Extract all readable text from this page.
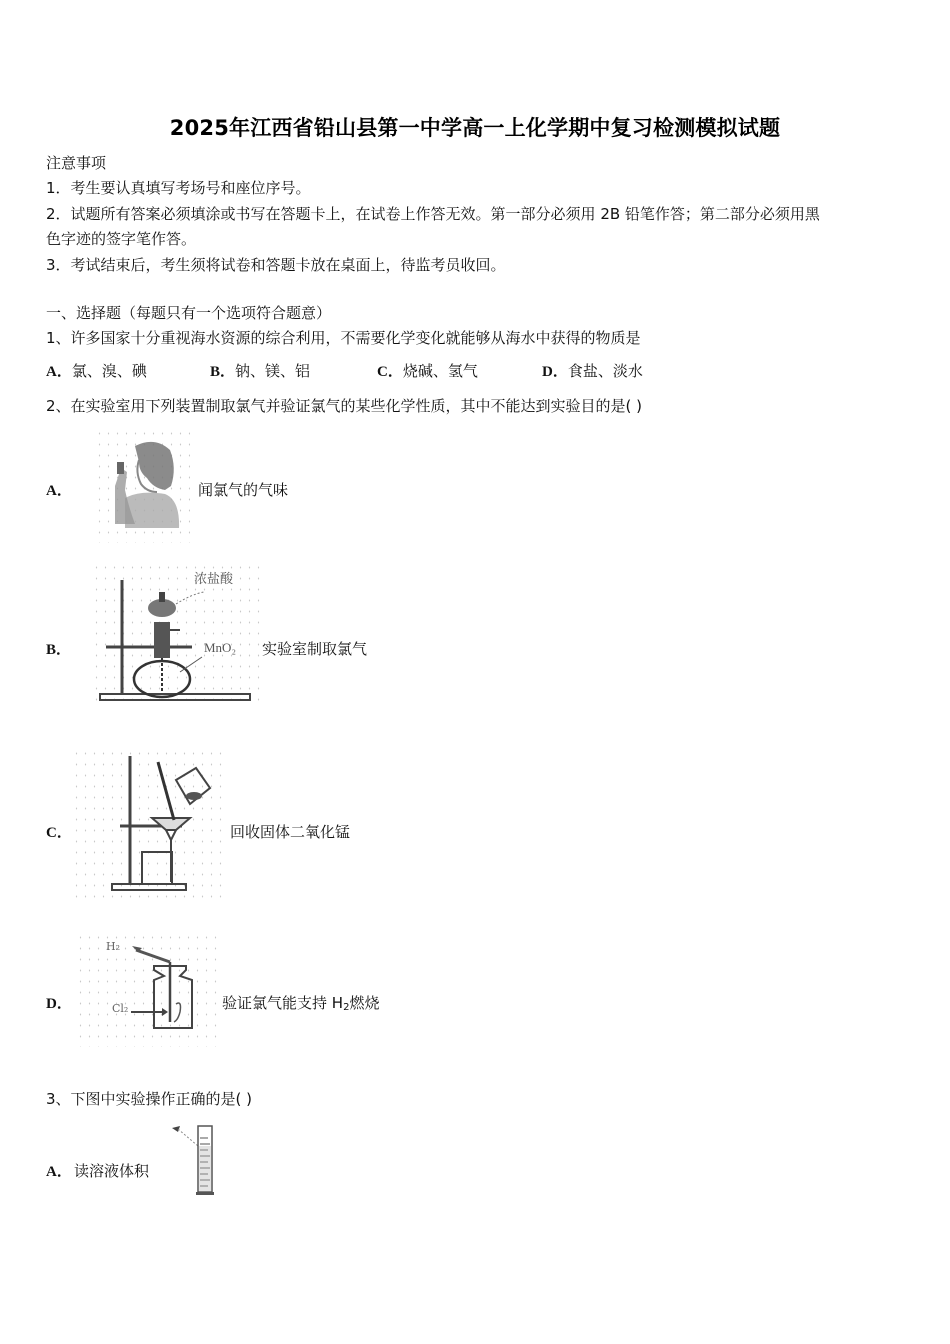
2025年江西省铅山县第一中学高一上化学期中复习检测模拟试题
注意事项
1．考生要认真填写考场号和座位序号。
2．试题所有答案必须填涂或书写在答题卡上，在试卷上作答无效。第一部分必须用 2B 铅笔作答；第二部分必须用黑
色字迹的签字笔作答。
3．考试结束后，考生须将试卷和答题卡放在桌面上，待监考员收回。
一、选择题（每题只有一个选项符合题意）
1、许多国家十分重视海水资源的综合利用，不需要化学变化就能够从海水中获得的物质是
A．氯、溴、碘	B．钠、镁、铝	C．烧碱、氢气	D．食盐、淡水
2、在实验室用下列装置制取氯气并验证氯气的某些化学性质，其中不能达到实验目的是( )
A．	闻氯气的气味
B．
浓盐酸
MnO₂ 实验室制取氯气
C．	回收固体二氧化锰
D．
H₂
Cl₂	验证氯气能支持 $H_2$燃烧
3、下图中实验操作正确的是( )
A． 读溶液体积
